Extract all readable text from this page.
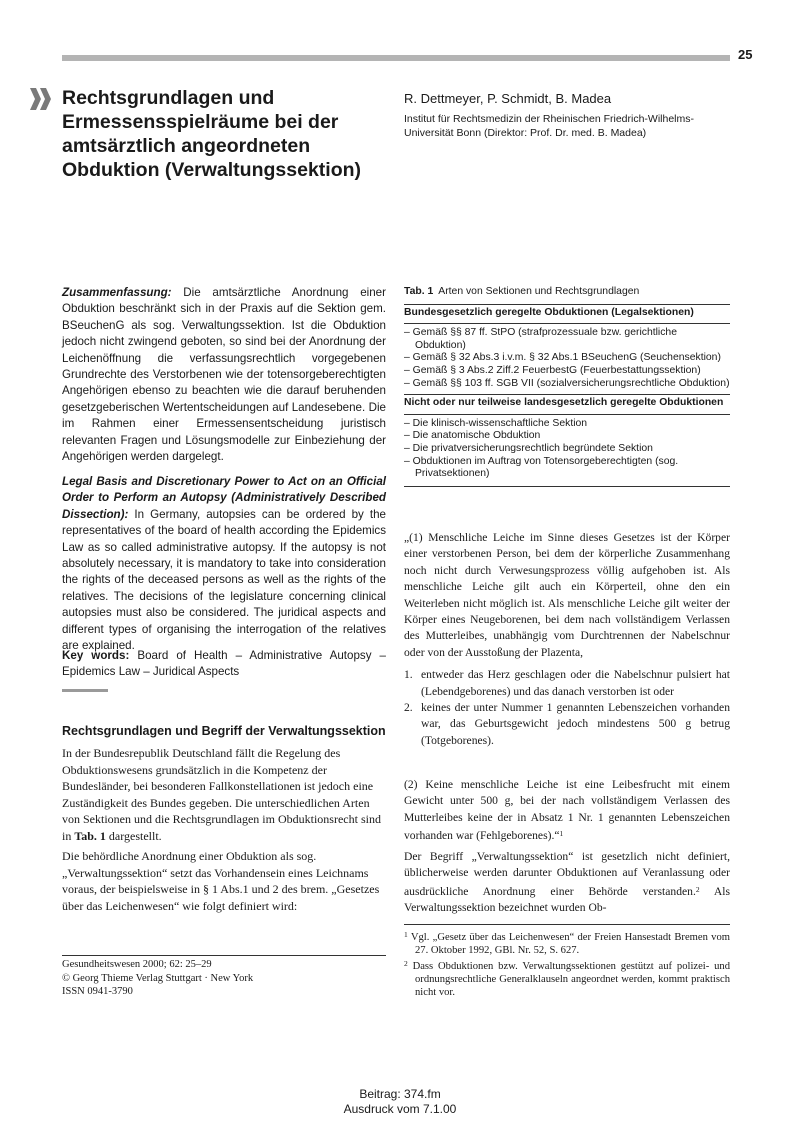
25
Rechtsgrundlagen und Ermessensspielräume bei der amtsärztlich angeordneten Obduktion (Verwaltungssektion)
R. Dettmeyer, P. Schmidt, B. Madea
Institut für Rechtsmedizin der Rheinischen Friedrich-Wilhelms-Universität Bonn (Direktor: Prof. Dr. med. B. Madea)

Zusammenfassung: Die amtsärztliche Anordnung einer Obduktion beschränkt sich in der Praxis auf die Sektion gem. BSeuchenG als sog. Verwaltungssektion. Ist die Obduktion jedoch nicht zwingend geboten, so sind bei der Anordnung der Leichenöffnung die verfassungsrechtlich vorgegebenen Grundrechte des Verstorbenen wie der totensorgeberechtigten Angehörigen ebenso zu beachten wie die darauf beruhenden gesetzgeberischen Wertentscheidungen auf Landesebene. Die im Rahmen einer Ermessensentscheidung juristisch relevanten Fragen und Lösungsmodelle zur Einbeziehung der Angehörigen werden dargelegt.

Legal Basis and Discretionary Power to Act on an Official Order to Perform an Autopsy (Administratively Described Dissection): In Germany, autopsies can be ordered by the representatives of the board of health according the Epidemics Law as so called administrative autopsy. If the autopsy is not absolutely necessary, it is mandatory to take into consideration the rights of the deceased persons as well as the rights of the relatives. The decisions of the legislature concerning clinical autopsies must also be considered. The juridical aspects and different types of organising the interrogation of the relatives are explained.

Key words: Board of Health – Administrative Autopsy – Epidemics Law – Juridical Aspects

Rechtsgrundlagen und Begriff der Verwaltungssektion

In der Bundesrepublik Deutschland fällt die Regelung des Obduktionswesens grundsätzlich in die Kompetenz der Bundesländer, bei besonderen Fallkonstellationen ist jedoch eine Zuständigkeit des Bundes gegeben. Die unterschiedlichen Arten von Sektionen und die Rechtsgrundlagen im Obduktionsrecht sind in Tab. 1 dargestellt.

Die behördliche Anordnung einer Obduktion als sog. „Verwaltungssektion“ setzt das Vorhandensein eines Leichnams voraus, der beispielsweise in § 1 Abs.1 und 2 des brem. „Gesetzes über das Leichenwesen“ wie folgt definiert wird:

Gesundheitswesen 2000; 62: 25–29
© Georg Thieme Verlag Stuttgart · New York
ISSN 0941-3790
Tab. 1 Arten von Sektionen und Rechtsgrundlagen
Bundesgesetzlich geregelte Obduktionen (Legalsektionen)
– Gemäß §§ 87 ff. StPO (strafprozessuale bzw. gerichtliche Obduktion)
– Gemäß § 32 Abs.3 i.v.m. § 32 Abs.1 BSeuchenG (Seuchensektion)
– Gemäß § 3 Abs.2 Ziff.2 FeuerbestG (Feuerbestattungssektion)
– Gemäß §§ 103 ff. SGB VII (sozialversicherungsrechtliche Obduktion)
Nicht oder nur teilweise landesgesetzlich geregelte Obduktionen
– Die klinisch-wissenschaftliche Sektion
– Die anatomische Obduktion
– Die privatversicherungsrechtlich begründete Sektion
– Obduktionen im Auftrag von Totensorgeberechtigten (sog. Privatsektionen)

„(1) Menschliche Leiche im Sinne dieses Gesetzes ist der Körper einer verstorbenen Person, bei dem der körperliche Zusammenhang noch nicht durch Verwesungsprozess völlig aufgehoben ist. Als menschliche Leiche gilt auch ein Körperteil, ohne den ein Weiterleben nicht möglich ist. Als menschliche Leiche gilt weiter der Körper eines Neugeborenen, bei dem nach vollständigem Verlassen des Mutterleibes, unabhängig vom Durchtrennen der Nabelschnur oder von der Ausstoßung der Plazenta,

1. entweder das Herz geschlagen oder die Nabelschnur pulsiert hat (Lebendgeborenes) und das danach verstorben ist oder
2. keines der unter Nummer 1 genannten Lebenszeichen vorhanden war, das Geburtsgewicht jedoch mindestens 500 g betrug (Totgeborenes).

(2) Keine menschliche Leiche ist eine Leibesfrucht mit einem Gewicht unter 500 g, bei der nach vollständigem Verlassen des Mutterleibes keine der in Absatz 1 Nr. 1 genannten Lebenszeichen vorhanden war (Fehlgeborenes).“$^1$

Der Begriff „Verwaltungssektion“ ist gesetzlich nicht definiert, üblicherweise werden darunter Obduktionen auf Veranlassung oder ausdrückliche Anordnung einer Behörde verstanden.$^2$ Als Verwaltungssektion bezeichnet wurden Ob-

$^1$ Vgl. „Gesetz über das Leichenwesen“ der Freien Hansestadt Bremen vom 27. Oktober 1992, GBl. Nr. 52, S. 627.
$^2$ Dass Obduktionen bzw. Verwaltungssektionen gestützt auf polizei- und ordnungsrechtliche Generalklauseln angeordnet werden, kommt praktisch nicht vor.
Beitrag: 374.fm
Ausdruck vom 7.1.00
